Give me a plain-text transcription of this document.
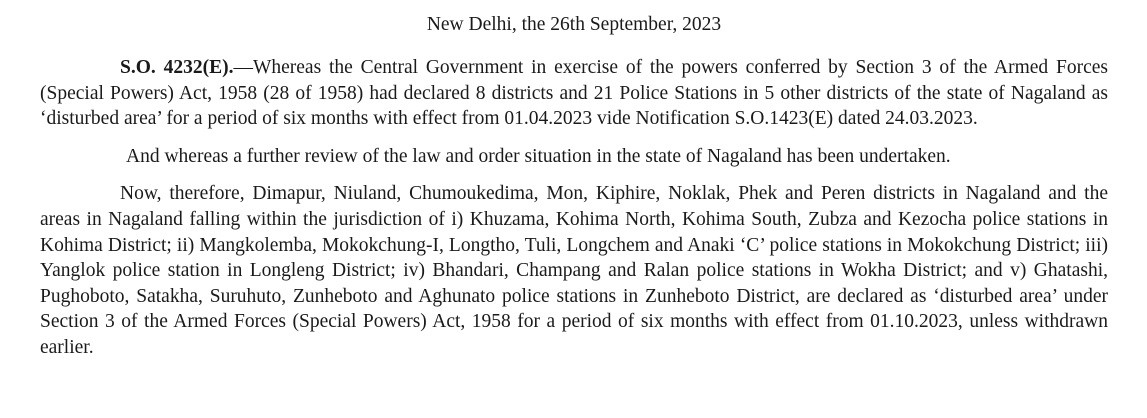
New Delhi, the 26th September, 2023

S.O. 4232(E).—Whereas the Central Government in exercise of the powers conferred by Section 3 of the Armed Forces (Special Powers) Act, 1958 (28 of 1958) had declared 8 districts and 21 Police Stations in 5 other districts of the state of Nagaland as ‘disturbed area’ for a period of six months with effect from 01.04.2023 vide Notification S.O.1423(E) dated 24.03.2023.

And whereas a further review of the law and order situation in the state of Nagaland has been undertaken.

Now, therefore, Dimapur, Niuland, Chumoukedima, Mon, Kiphire, Noklak, Phek and Peren districts in Nagaland and the areas in Nagaland falling within the jurisdiction of i) Khuzama, Kohima North, Kohima South, Zubza and Kezocha police stations in Kohima District; ii) Mangkolemba, Mokokchung-I, Longtho, Tuli, Longchem and Anaki ‘C’ police stations in Mokokchung District; iii) Yanglok police station in Longleng District; iv) Bhandari, Champang and Ralan police stations in Wokha District; and v) Ghatashi, Pughoboto, Satakha, Suruhuto, Zunheboto and Aghunato police stations in Zunheboto District, are declared as ‘disturbed area’ under Section 3 of the Armed Forces (Special Powers) Act, 1958 for a period of six months with effect from 01.10.2023, unless withdrawn earlier.
